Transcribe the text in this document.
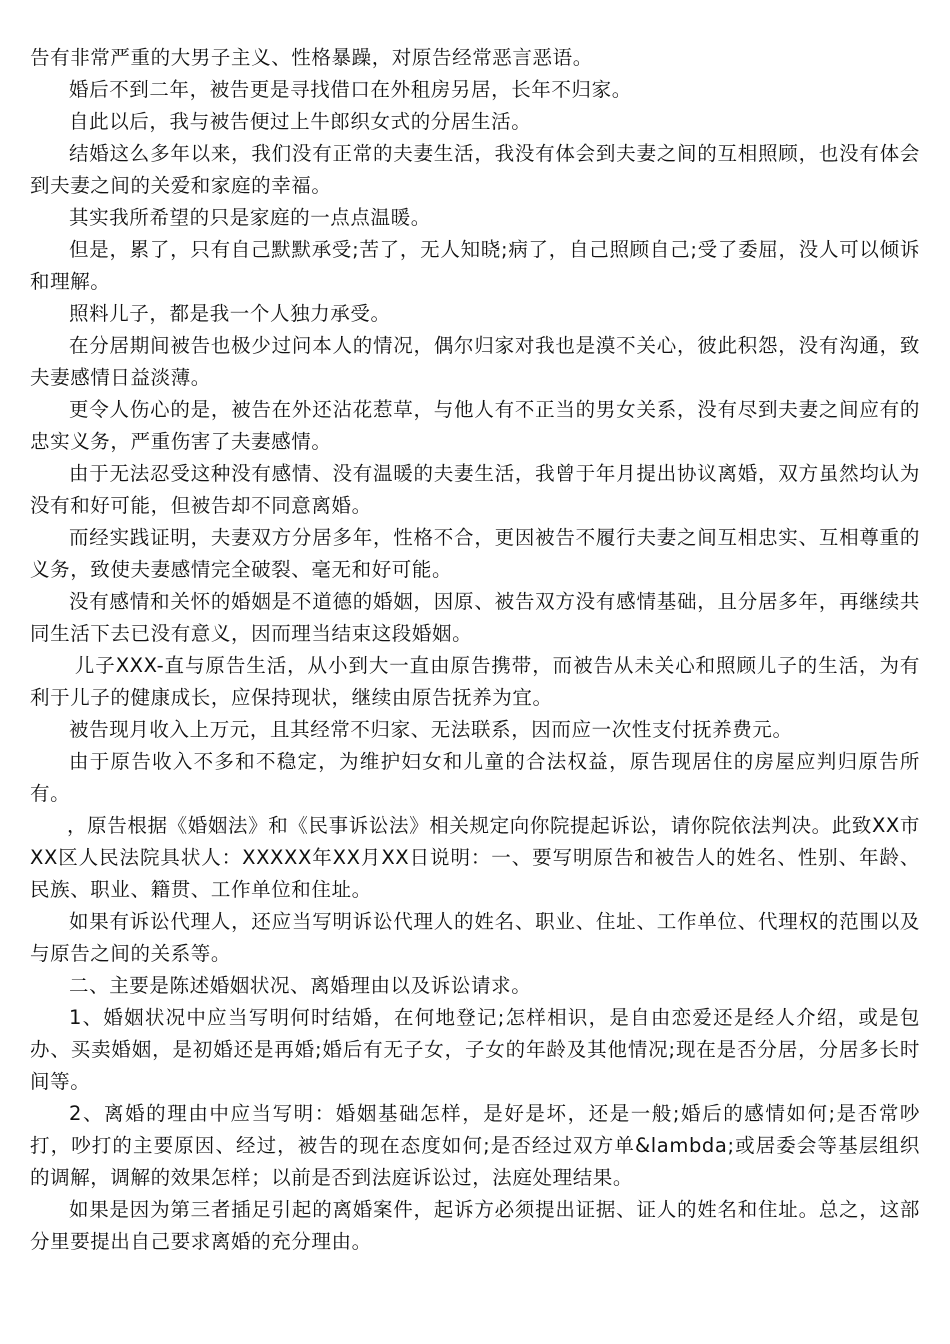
告有非常严重的大男子主义、性格暴躁，对原告经常恶言恶语。

婚后不到二年，被告更是寻找借口在外租房另居，长年不归家。

自此以后，我与被告便过上牛郎织女式的分居生活。

结婚这么多年以来，我们没有正常的夫妻生活，我没有体会到夫妻之间的互相照顾，也没有体会到夫妻之间的关爱和家庭的幸福。

其实我所希望的只是家庭的一点点温暖。

但是，累了，只有自己默默承受;苦了，无人知晓;病了，自己照顾自己;受了委屈，没人可以倾诉和理解。

照料儿子，都是我一个人独力承受。

在分居期间被告也极少过问本人的情况，偶尔归家对我也是漠不关心，彼此积怨，没有沟通，致夫妻感情日益淡薄。

更令人伤心的是，被告在外还沾花惹草，与他人有不正当的男女关系，没有尽到夫妻之间应有的忠实义务，严重伤害了夫妻感情。

由于无法忍受这种没有感情、没有温暖的夫妻生活，我曾于年月提出协议离婚，双方虽然均认为没有和好可能，但被告却不同意离婚。

而经实践证明，夫妻双方分居多年，性格不合，更因被告不履行夫妻之间互相忠实、互相尊重的义务，致使夫妻感情完全破裂、毫无和好可能。

没有感情和关怀的婚姻是不道德的婚姻，因原、被告双方没有感情基础，且分居多年，再继续共同生活下去已没有意义，因而理当结束这段婚姻。

儿子XXX-直与原告生活，从小到大一直由原告携带，而被告从未关心和照顾儿子的生活，为有利于儿子的健康成长，应保持现状，继续由原告抚养为宜。

被告现月收入上万元，且其经常不归家、无法联系，因而应一次性支付抚养费元。

由于原告收入不多和不稳定，为维护妇女和儿童的合法权益，原告现居住的房屋应判归原告所有。

，原告根据《婚姻法》和《民事诉讼法》相关规定向你院提起诉讼，请你院依法判决。此致XX市XX区人民法院具状人：XXXXX年XX月XX日说明：一、要写明原告和被告人的姓名、性别、年龄、民族、职业、籍贯、工作单位和住址。

如果有诉讼代理人，还应当写明诉讼代理人的姓名、职业、住址、工作单位、代理权的范围以及与原告之间的关系等。

二、主要是陈述婚姻状况、离婚理由以及诉讼请求。

1、婚姻状况中应当写明何时结婚，在何地登记;怎样相识，是自由恋爱还是经人介绍，或是包办、买卖婚姻，是初婚还是再婚;婚后有无子女，子女的年龄及其他情况;现在是否分居，分居多长时间等。

2、离婚的理由中应当写明：婚姻基础怎样，是好是坏，还是一般;婚后的感情如何;是否常吵打，吵打的主要原因、经过，被告的现在态度如何;是否经过双方单&lambda;或居委会等基层组织的调解，调解的效果怎样；以前是否到法庭诉讼过，法庭处理结果。

如果是因为第三者插足引起的离婚案件，起诉方必须提出证据、证人的姓名和住址。总之，这部分里要提出自己要求离婚的充分理由。
